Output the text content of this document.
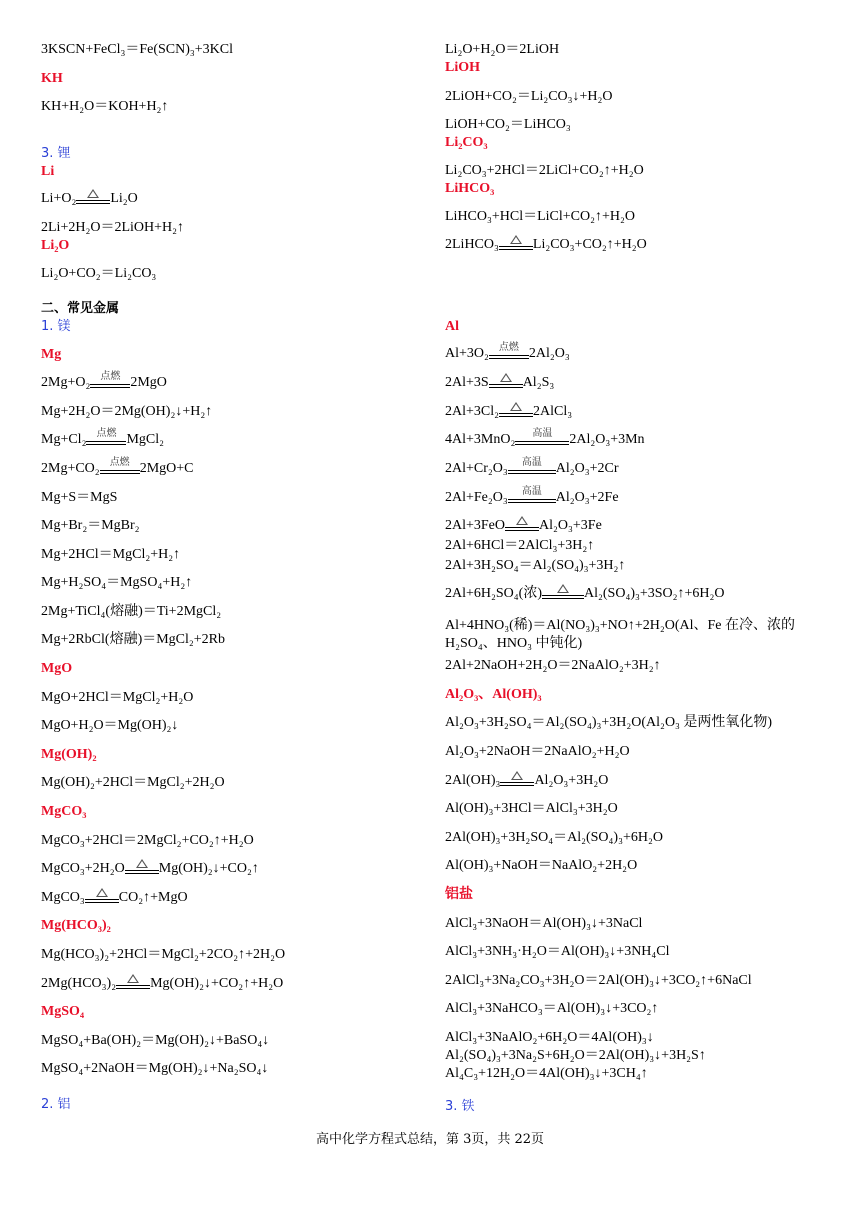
3KSCN+FeCl₃＝Fe(SCN)₃+3KCl
KH
KH+H₂O＝KOH+H₂↑
3. 锂
Li
Li+O₂ Li₂O
2Li+2H₂O＝2LiOH+H₂↑
Li₂O
Li₂O+CO₂＝Li₂CO₃
二、常见金属
1. 镁
Mg
2Mg+O₂	点燃 2MgO
Mg+2H₂O＝2Mg(OH)₂↓+H₂↑
Mg+Cl₂	点燃 MgCl₂
2Mg+CO₂	点燃 2MgO+C
Mg+S＝MgS
Mg+Br₂＝MgBr₂
Mg+2HCl＝MgCl₂+H₂↑
Mg+H₂SO₄＝MgSO₄+H₂↑
2Mg+TiCl₄(熔融)＝Ti+2MgCl₂
Mg+2RbCl(熔融)＝MgCl₂+2Rb
MgO
MgO+2HCl＝MgCl₂+H₂O
MgO+H₂O＝Mg(OH)₂↓
Mg(OH)₂
Mg(OH)₂+2HCl＝MgCl₂+2H₂O
MgCO₃
MgCO₃+2HCl＝2MgCl₂+CO₂↑+H₂O
MgCO₃+2H₂O Mg(OH)₂↓+CO₂↑
MgCO₃ CO₂↑+MgO
Mg(HCO₃)₂
Mg(HCO₃)₂+2HCl＝MgCl₂+2CO₂↑+2H₂O
2Mg(HCO₃)₂ Mg(OH)₂↓+CO₂↑+H₂O
MgSO₄
MgSO₄+Ba(OH)₂＝Mg(OH)₂↓+BaSO₄↓
MgSO₄+2NaOH＝Mg(OH)₂↓+Na₂SO₄↓
2. 铝
Li₂O+H₂O＝2LiOH
LiOH
2LiOH+CO₂＝Li₂CO₃↓+H₂O
LiOH+CO₂＝LiHCO₃
Li₂CO₃
Li₂CO₃+2HCl＝2LiCl+CO₂↑+H₂O
LiHCO₃
LiHCO₃+HCl＝LiCl+CO₂↑+H₂O
2LiHCO₃ Li₂CO₃+CO₂↑+H₂O
Al
Al+3O₂	点燃 2Al₂O₃
2Al+3S Al₂S₃
2Al+3Cl₂ 2AlCl₃
4Al+3MnO₂	高温	2Al₂O₃+3Mn
2Al+Cr₂O₃	高温	Al₂O₃+2Cr
2Al+Fe₂O₃	高温	Al₂O₃+2Fe
2Al+3FeO Al₂O₃+3Fe
2Al+6HCl＝2AlCl₃+3H₂↑
2Al+3H₂SO₄＝Al₂(SO₄)₃+3H₂↑
2Al+6H₂SO₄(浓)	Al₂(SO₄)₃+3SO₂↑+6H₂O
Al+4HNO₃(稀)＝Al(NO₃)₃+NO↑+2H₂O(Al、Fe 在冷、浓的 H₂SO₄、HNO₃ 中钝化)
2Al+2NaOH+2H₂O＝2NaAlO₂+3H₂↑
Al₂O₃、Al(OH)₃
Al₂O₃+3H₂SO₄＝Al₂(SO₄)₃+3H₂O(Al₂O₃ 是两性氧化物)
Al₂O₃+2NaOH＝2NaAlO₂+H₂O
2Al(OH)₃ Al₂O₃+3H₂O
Al(OH)₃+3HCl＝AlCl₃+3H₂O
2Al(OH)₃+3H₂SO₄＝Al₂(SO₄)₃+6H₂O
Al(OH)₃+NaOH＝NaAlO₂+2H₂O
铝盐
AlCl₃+3NaOH＝Al(OH)₃↓+3NaCl
AlCl₃+3NH₃·H₂O＝Al(OH)₃↓+3NH₄Cl
2AlCl₃+3Na₂CO₃+3H₂O＝2Al(OH)₃↓+3CO₂↑+6NaCl
AlCl₃+3NaHCO₃＝Al(OH)₃↓+3CO₂↑
AlCl₃+3NaAlO₂+6H₂O＝4Al(OH)₃↓
Al₂(SO₄)₃+3Na₂S+6H₂O＝2Al(OH)₃↓+3H₂S↑
Al₄C₃+12H₂O＝4Al(OH)₃↓+3CH₄↑
3. 铁
高中化学方程式总结，第 3页，共 22页
